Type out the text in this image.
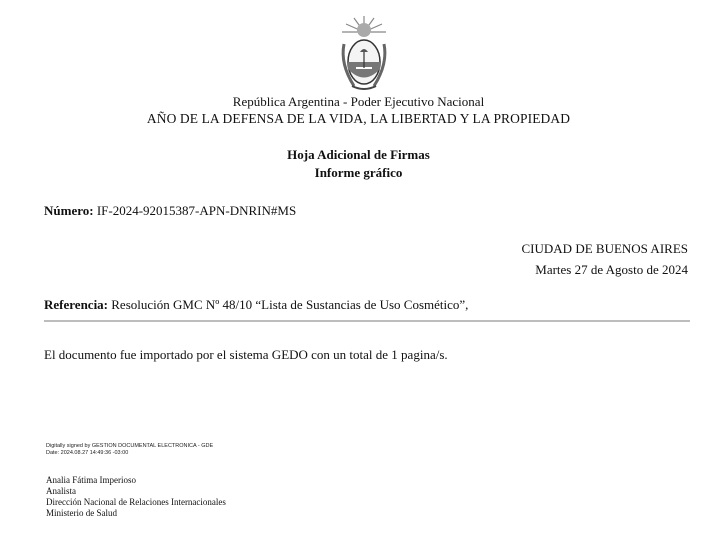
República Argentina - Poder Ejecutivo Nacional
AÑO DE LA DEFENSA DE LA VIDA, LA LIBERTAD Y LA PROPIEDAD
Hoja Adicional de Firmas
Informe gráfico
Número: IF-2024-92015387-APN-DNRIN#MS
CIUDAD DE BUENOS AIRES
Martes 27 de Agosto de 2024
Referencia: Resolución GMC Nº 48/10 “Lista de Sustancias de Uso Cosmético”,
El documento fue importado por el sistema GEDO con un total de 1 pagina/s.
Digitally signed by GESTION DOCUMENTAL ELECTRONICA - GDE
Date: 2024.08.27 14:49:36 -03:00
Analia Fátima Imperioso
Analista
Dirección Nacional de Relaciones Internacionales
Ministerio de Salud
